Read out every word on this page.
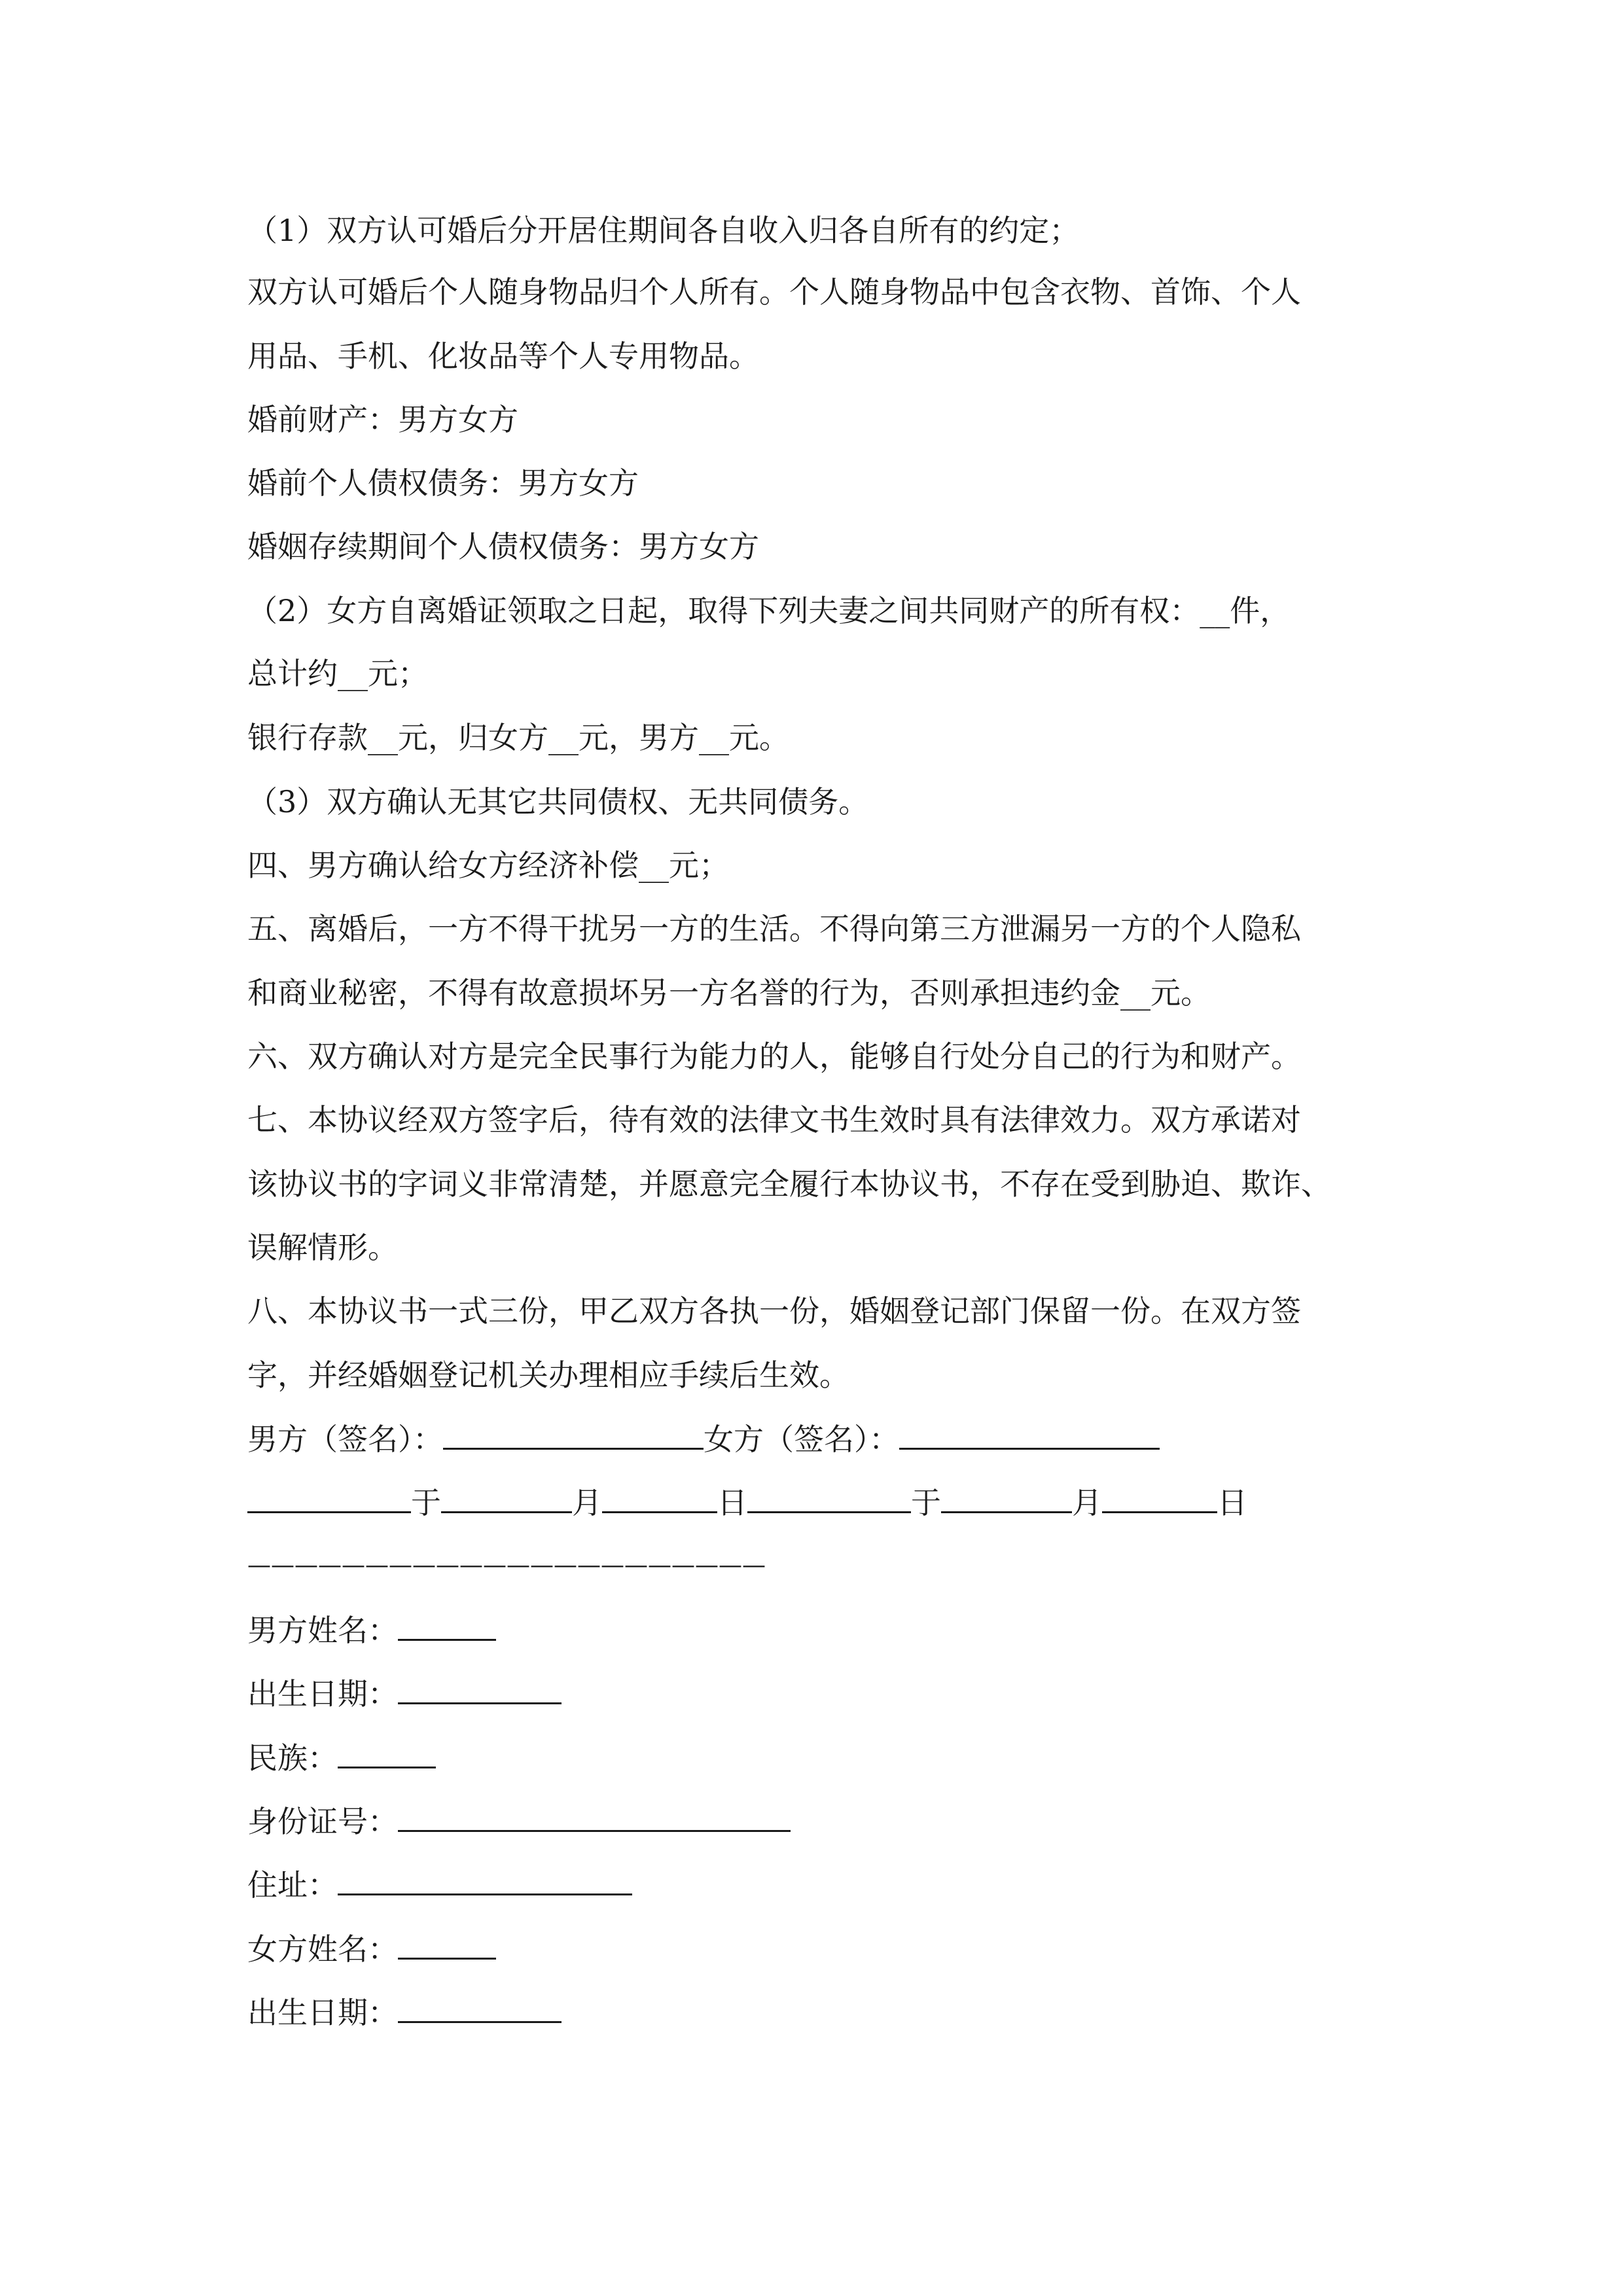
（1）双方认可婚后分开居住期间各自收入归各自所有的约定；
双方认可婚后个人随身物品归个人所有。个人随身物品中包含衣物、首饰、个人
用品、手机、化妆品等个人专用物品。
婚前财产：男方女方
婚前个人债权债务：男方女方
婚姻存续期间个人债权债务：男方女方
（2）女方自离婚证领取之日起，取得下列夫妻之间共同财产的所有权：__件，
总计约__元；
银行存款__元，归女方__元，男方__元。
（3）双方确认无其它共同债权、无共同债务。
四、男方确认给女方经济补偿__元；
五、离婚后，一方不得干扰另一方的生活。不得向第三方泄漏另一方的个人隐私
和商业秘密，不得有故意损坏另一方名誉的行为，否则承担违约金__元。
六、双方确认对方是完全民事行为能力的人，能够自行处分自己的行为和财产。
七、本协议经双方签字后，待有效的法律文书生效时具有法律效力。双方承诺对
该协议书的字词义非常清楚，并愿意完全履行本协议书，不存在受到胁迫、欺诈、
误解情形。
八、本协议书一式三份，甲乙双方各执一份，婚姻登记部门保留一份。在双方签
字，并经婚姻登记机关办理相应手续后生效。
男方（签名）：	女方（签名）：
于	月	日	于	月	日
——————————————————————
男方姓名：
出生日期：
民族：
身份证号：
住址：
女方姓名：
出生日期：
